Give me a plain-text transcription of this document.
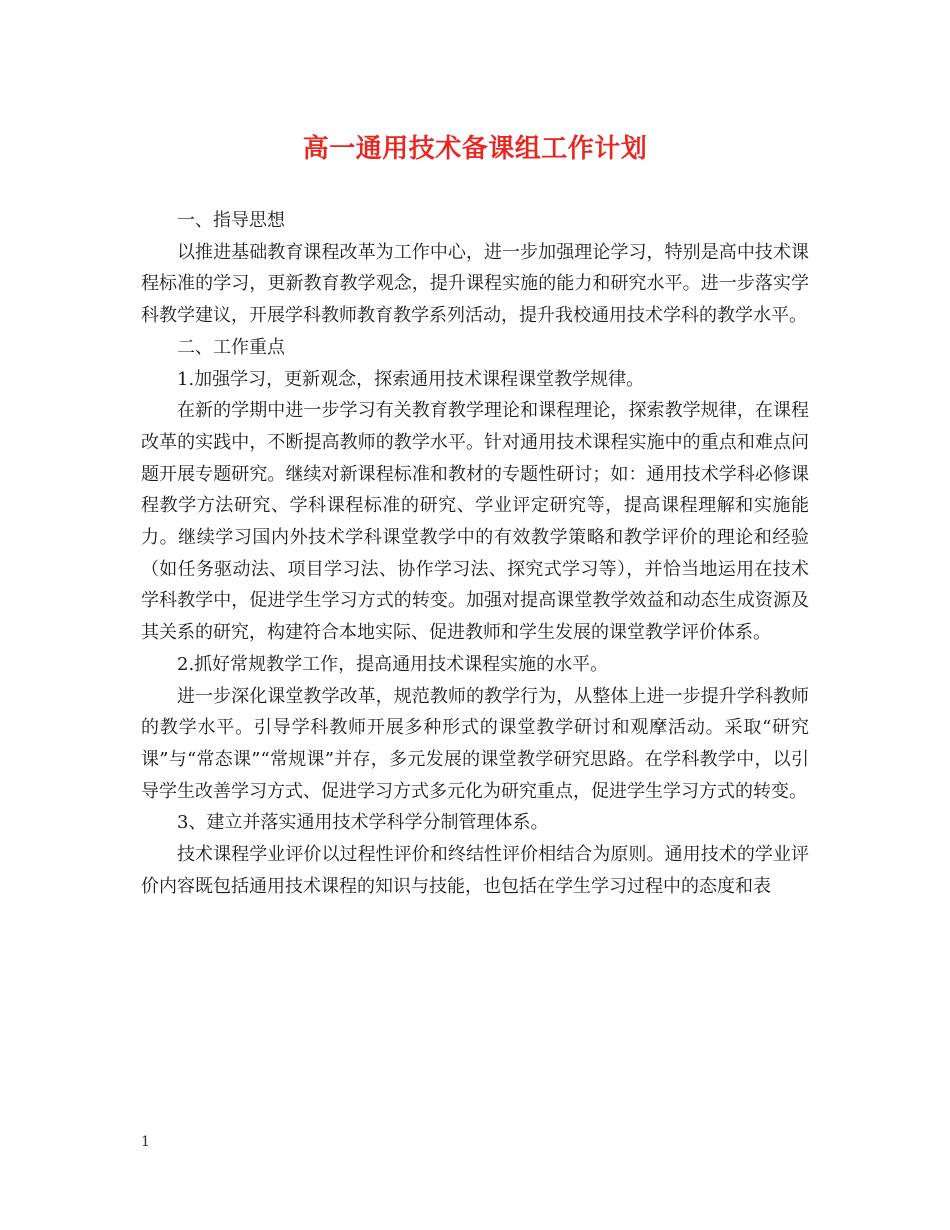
高一通用技术备课组工作计划

一、指导思想

以推进基础教育课程改革为工作中心，进一步加强理论学习，特别是高中技术课程标准的学习，更新教育教学观念，提升课程实施的能力和研究水平。进一步落实学科教学建议，开展学科教师教育教学系列活动，提升我校通用技术学科的教学水平。

二、工作重点

1.加强学习，更新观念，探索通用技术课程课堂教学规律。

在新的学期中进一步学习有关教育教学理论和课程理论，探索教学规律，在课程改革的实践中，不断提高教师的教学水平。针对通用技术课程实施中的重点和难点问题开展专题研究。继续对新课程标准和教材的专题性研讨；如：通用技术学科必修课程教学方法研究、学科课程标准的研究、学业评定研究等，提高课程理解和实施能力。继续学习国内外技术学科课堂教学中的有效教学策略和教学评价的理论和经验（如任务驱动法、项目学习法、协作学习法、探究式学习等），并恰当地运用在技术学科教学中，促进学生学习方式的转变。加强对提高课堂教学效益和动态生成资源及其关系的研究，构建符合本地实际、促进教师和学生发展的课堂教学评价体系。

2.抓好常规教学工作，提高通用技术课程实施的水平。

进一步深化课堂教学改革，规范教师的教学行为，从整体上进一步提升学科教师的教学水平。引导学科教师开展多种形式的课堂教学研讨和观摩活动。采取“研究课”与“常态课”“常规课”并存，多元发展的课堂教学研究思路。在学科教学中，以引导学生改善学习方式、促进学习方式多元化为研究重点，促进学生学习方式的转变。

3、建立并落实通用技术学科学分制管理体系。

技术课程学业评价以过程性评价和终结性评价相结合为原则。通用技术的学业评价内容既包括通用技术课程的知识与技能，也包括在学生学习过程中的态度和表

1
